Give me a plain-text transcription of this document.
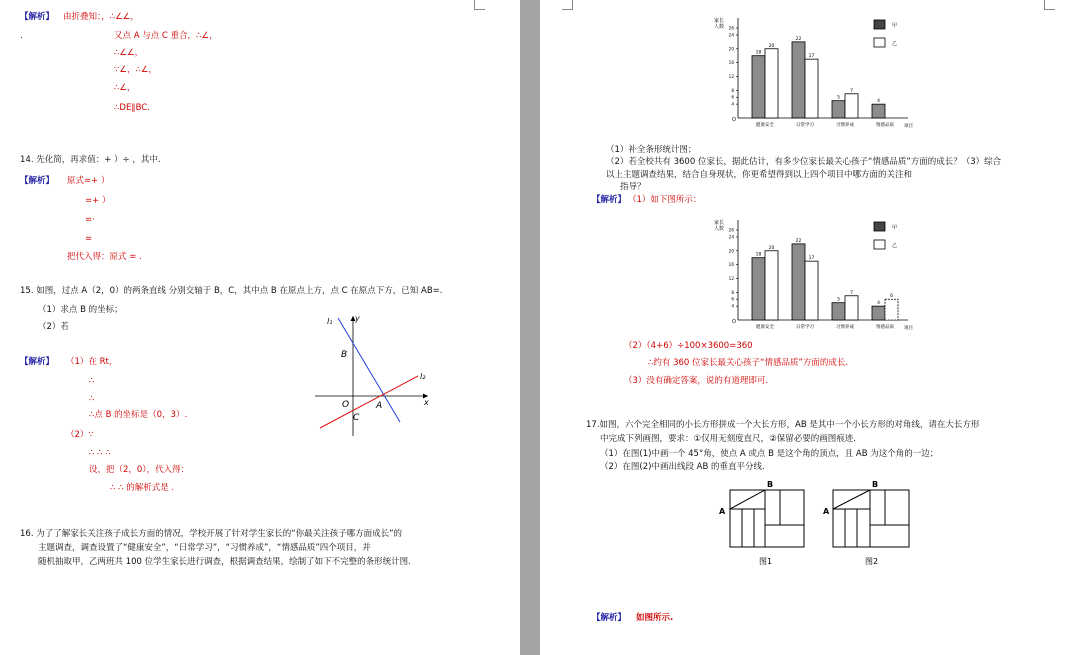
【解析】 由折叠知：，∴∠∠，
.	又点 A 与点 C 重合，∴∠，
∴∠∠，
∵∠，∴∠，
∴∠，
∴DE∥BC.
14. 先化简，再求值：+ ）÷ ，其中.
【解析】 原式=+ ）
=+ ）
=·
=
把代入得：原式 = .
15. 如图，过点 A（2，0）的两条直线 分别交轴于 B，C，其中点 B 在原点上方，点 C 在原点下方，已知 AB=.
（1）求点 B 的坐标；
（2）若
【解析】 （1）在 Rt，
∴
∴
∴点 B 的坐标是（0，3）.
（2）∵
∴ ∴ ∴
设，把（2，0），代入得：
∴ ∴ 的解析式是 .
l₁
l₂
y
x
B
O	A
C
16. 为了了解家长关注孩子成长方面的情况，学校开展了针对学生家长的“你最关注孩子哪方面成长”的
主题调查，调查设置了“健康安全”，“日常学习”，“习惯养成”，“情感品质”四个项目，并
随机抽取甲，乙两班共 100 位学生家长进行调查，根据调查结果，绘制了如下不完整的条形统计图.
家长
人数
项目
O
4
6
8
12
16
20
24
26
18
20
健康安全
22
17
日常学习
5
7
习惯养成
4
情感品质
甲
乙
（1）补全条形统计图；
（2）若全校共有 3600 位家长，据此估计，有多少位家长最关心孩子“情感品质”方面的成长？（3）综合
以上主题调查结果，结合自身现状，你更希望得到以上四个项目中哪方面的关注和
指导？
【解析】 （1）如下图所示：
家长
人数
项目
O
4
6
8
12
16
20
24
26
18
20
健康安全
22
17
日常学习
5
7
习惯养成
4
6
情感品质
甲
乙
（2）（4+6）÷100×3600=360
∴约有 360 位家长最关心孩子“情感品质”方面的成长.
（3）没有确定答案，说的有道理即可.
17.如图，六个完全相同的小长方形拼成一个大长方形，AB 是其中一个小长方形的对角线，请在大长方形
中完成下列画图，要求：①仅用无刻度直尺，②保留必要的画图痕迹.
（1）在图(1)中画一个 45°角，使点 A 或点 B 是这个角的顶点，且 AB 为这个角的一边；
（2）在图(2)中画出线段 AB 的垂直平分线.
B
A
图1
B
A
图2
【解析】 如图所示.
